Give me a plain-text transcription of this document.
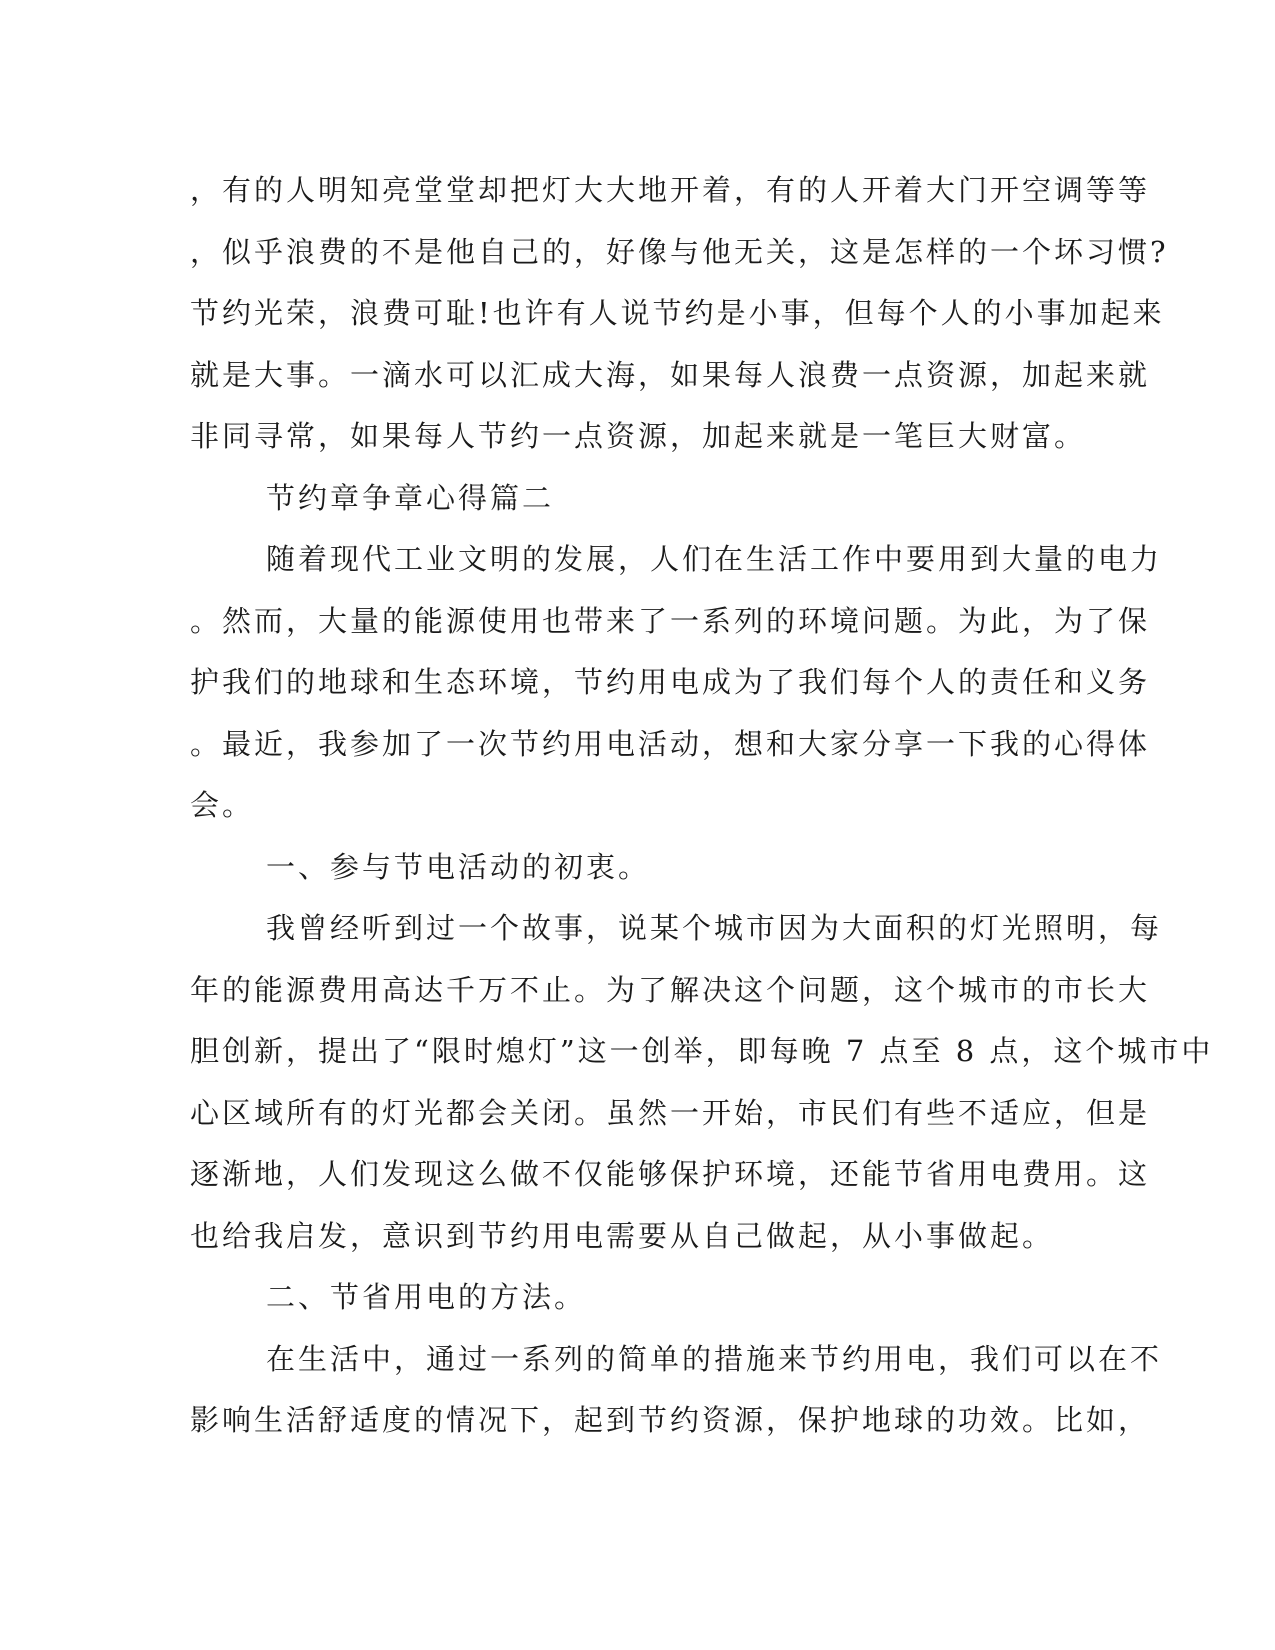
，有的人明知亮堂堂却把灯大大地开着，有的人开着大门开空调等等
，似乎浪费的不是他自己的，好像与他无关，这是怎样的一个坏习惯?
节约光荣，浪费可耻!也许有人说节约是小事，但每个人的小事加起来
就是大事。一滴水可以汇成大海，如果每人浪费一点资源，加起来就
非同寻常，如果每人节约一点资源，加起来就是一笔巨大财富。
节约章争章心得篇二
随着现代工业文明的发展，人们在生活工作中要用到大量的电力
。然而，大量的能源使用也带来了一系列的环境问题。为此，为了保
护我们的地球和生态环境，节约用电成为了我们每个人的责任和义务
。最近，我参加了一次节约用电活动，想和大家分享一下我的心得体
会。
一、参与节电活动的初衷。
我曾经听到过一个故事，说某个城市因为大面积的灯光照明，每
年的能源费用高达千万不止。为了解决这个问题，这个城市的市长大
胆创新，提出了“限时熄灯”这一创举，即每晚 7 点至 8 点，这个城市中
心区域所有的灯光都会关闭。虽然一开始，市民们有些不适应，但是
逐渐地，人们发现这么做不仅能够保护环境，还能节省用电费用。这
也给我启发，意识到节约用电需要从自己做起，从小事做起。
二、节省用电的方法。
在生活中，通过一系列的简单的措施来节约用电，我们可以在不
影响生活舒适度的情况下，起到节约资源，保护地球的功效。比如，
